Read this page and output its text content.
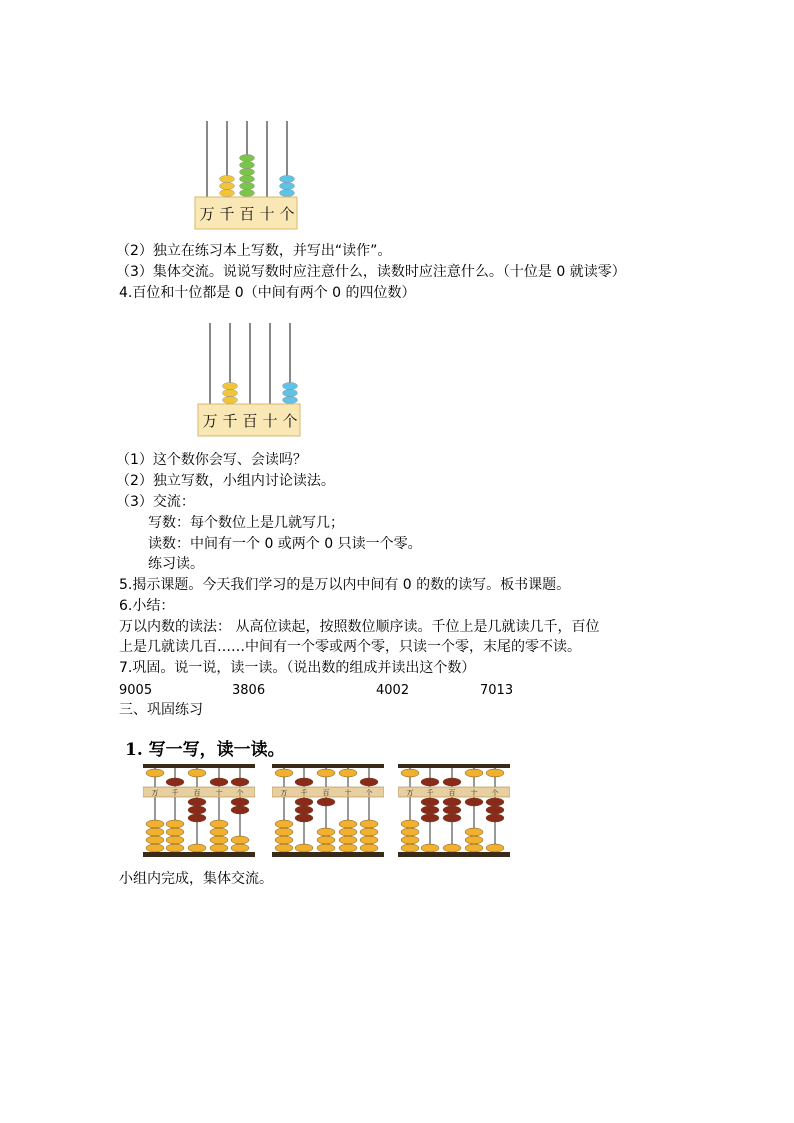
万 千 百 十 个
（2）独立在练习本上写数，并写出“读作”。
（3）集体交流。说说写数时应注意什么，读数时应注意什么。（十位是 0 就读零）
4.百位和十位都是 0（中间有两个 0 的四位数）
万 千 百 十 个
（1）这个数你会写、会读吗？
（2）独立写数，小组内讨论读法。
（3）交流：
写数：每个数位上是几就写几；
读数：中间有一个 0 或两个 0 只读一个零。
练习读。
5.揭示课题。今天我们学习的是万以内中间有 0 的数的读写。板书课题。
6.小结：
万以内数的读法： 从高位读起，按照数位顺序读。千位上是几就读几千，百位
上是几就读几百……中间有一个零或两个零，只读一个零，末尾的零不读。
7.巩固。说一说，读一读。（说出数的组成并读出这个数）
9005	3806	4002	7013
三、巩固练习
1. 写一写，读一读。
万 千 百 十 个	万 千 百 十 个	万 千 百 十 个
小组内完成，集体交流。
